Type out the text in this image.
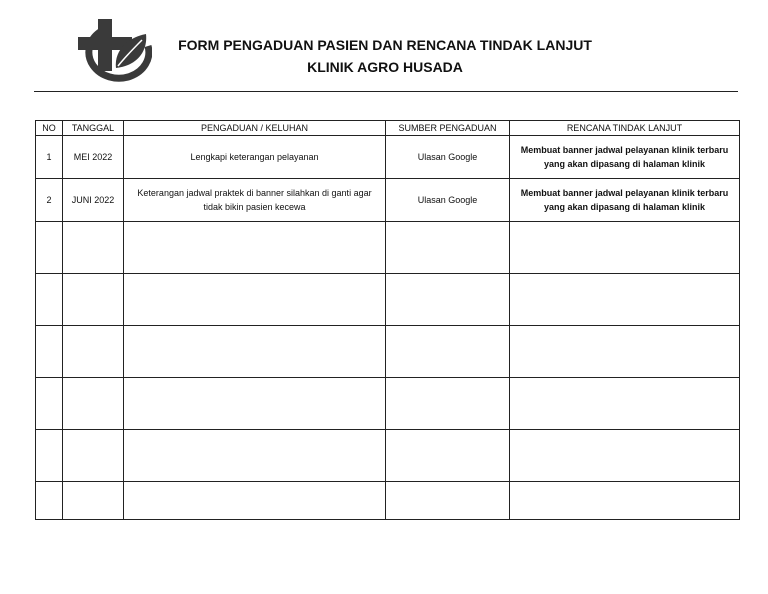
FORM PENGADUAN PASIEN DAN RENCANA TINDAK LANJUT
KLINIK AGRO HUSADA
NO	TANGGAL	PENGADUAN / KELUHAN	SUMBER PENGADUAN	RENCANA TINDAK LANJUT
1	MEI 2022	Lengkapi keterangan pelayanan	Ulasan Google	Membuat banner jadwal pelayanan klinik terbaru yang akan dipasang di halaman klinik
2	JUNI 2022	Keterangan jadwal praktek di banner silahkan di ganti agar tidak bikin pasien kecewa	Ulasan Google	Membuat banner jadwal pelayanan klinik terbaru yang akan dipasang di halaman klinik
